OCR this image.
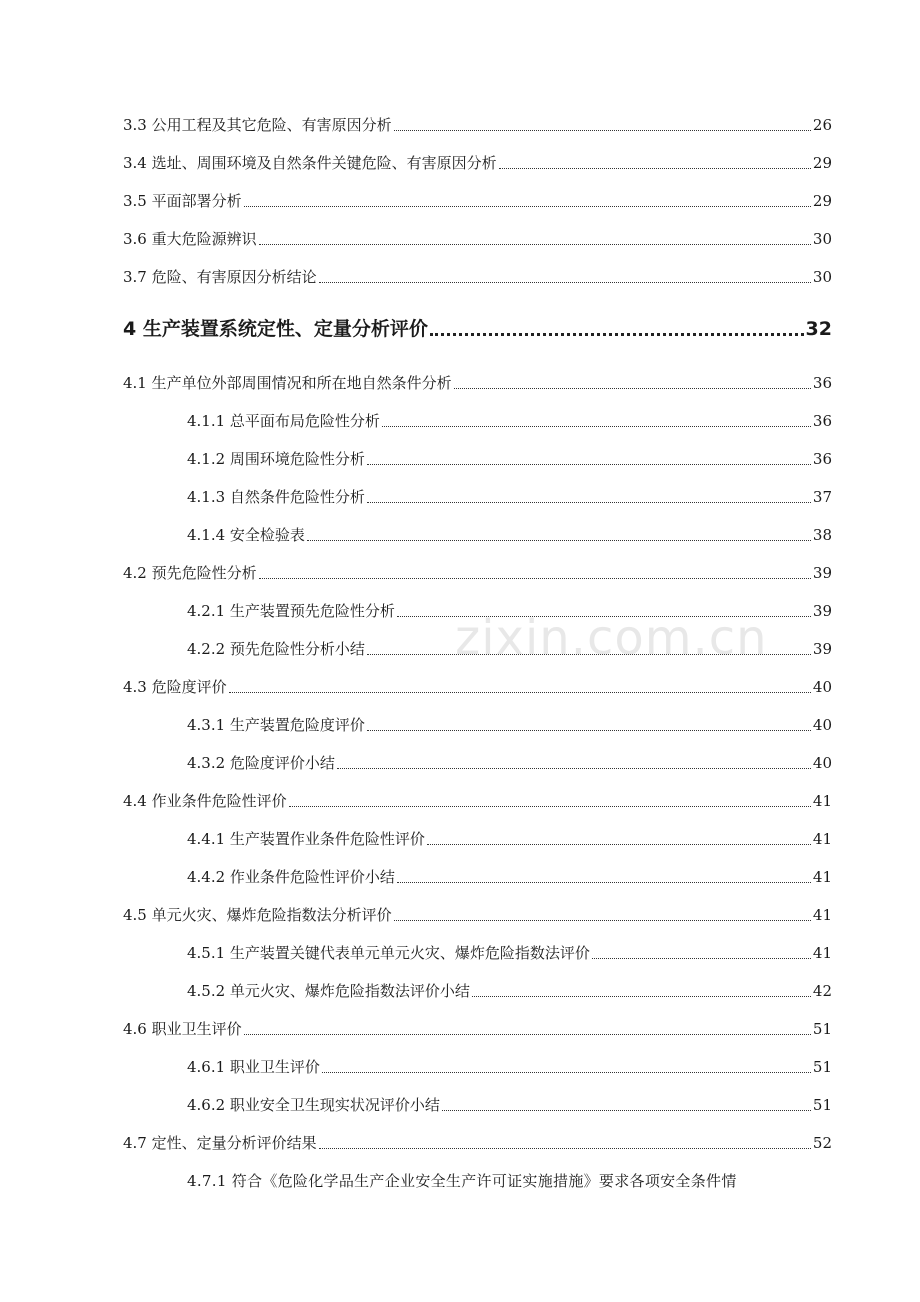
3.3 公用工程及其它危险、有害原因分析	26
3.4 选址、周围环境及自然条件关键危险、有害原因分析	29
3.5 平面部署分析	29
3.6 重大危险源辨识	30
3.7 危险、有害原因分析结论	30
4 生产装置系统定性、定量分析评价	32
4.1 生产单位外部周围情况和所在地自然条件分析	36
4.1.1 总平面布局危险性分析	36
4.1.2 周围环境危险性分析	36
4.1.3 自然条件危险性分析	37
4.1.4 安全检验表	38
4.2 预先危险性分析	39
4.2.1 生产装置预先危险性分析	39
4.2.2 预先危险性分析小结	39
4.3 危险度评价	40
4.3.1 生产装置危险度评价	40
4.3.2 危险度评价小结	40
4.4 作业条件危险性评价	41
4.4.1 生产装置作业条件危险性评价	41
4.4.2 作业条件危险性评价小结	41
4.5 单元火灾、爆炸危险指数法分析评价	41
4.5.1 生产装置关键代表单元单元火灾、爆炸危险指数法评价	41
4.5.2 单元火灾、爆炸危险指数法评价小结	42
4.6 职业卫生评价	51
4.6.1 职业卫生评价	51
4.6.2 职业安全卫生现实状况评价小结	51
4.7 定性、定量分析评价结果	52
4.7.1 符合《危险化学品生产企业安全生产许可证实施措施》要求各项安全条件情
zixin.com.cn
